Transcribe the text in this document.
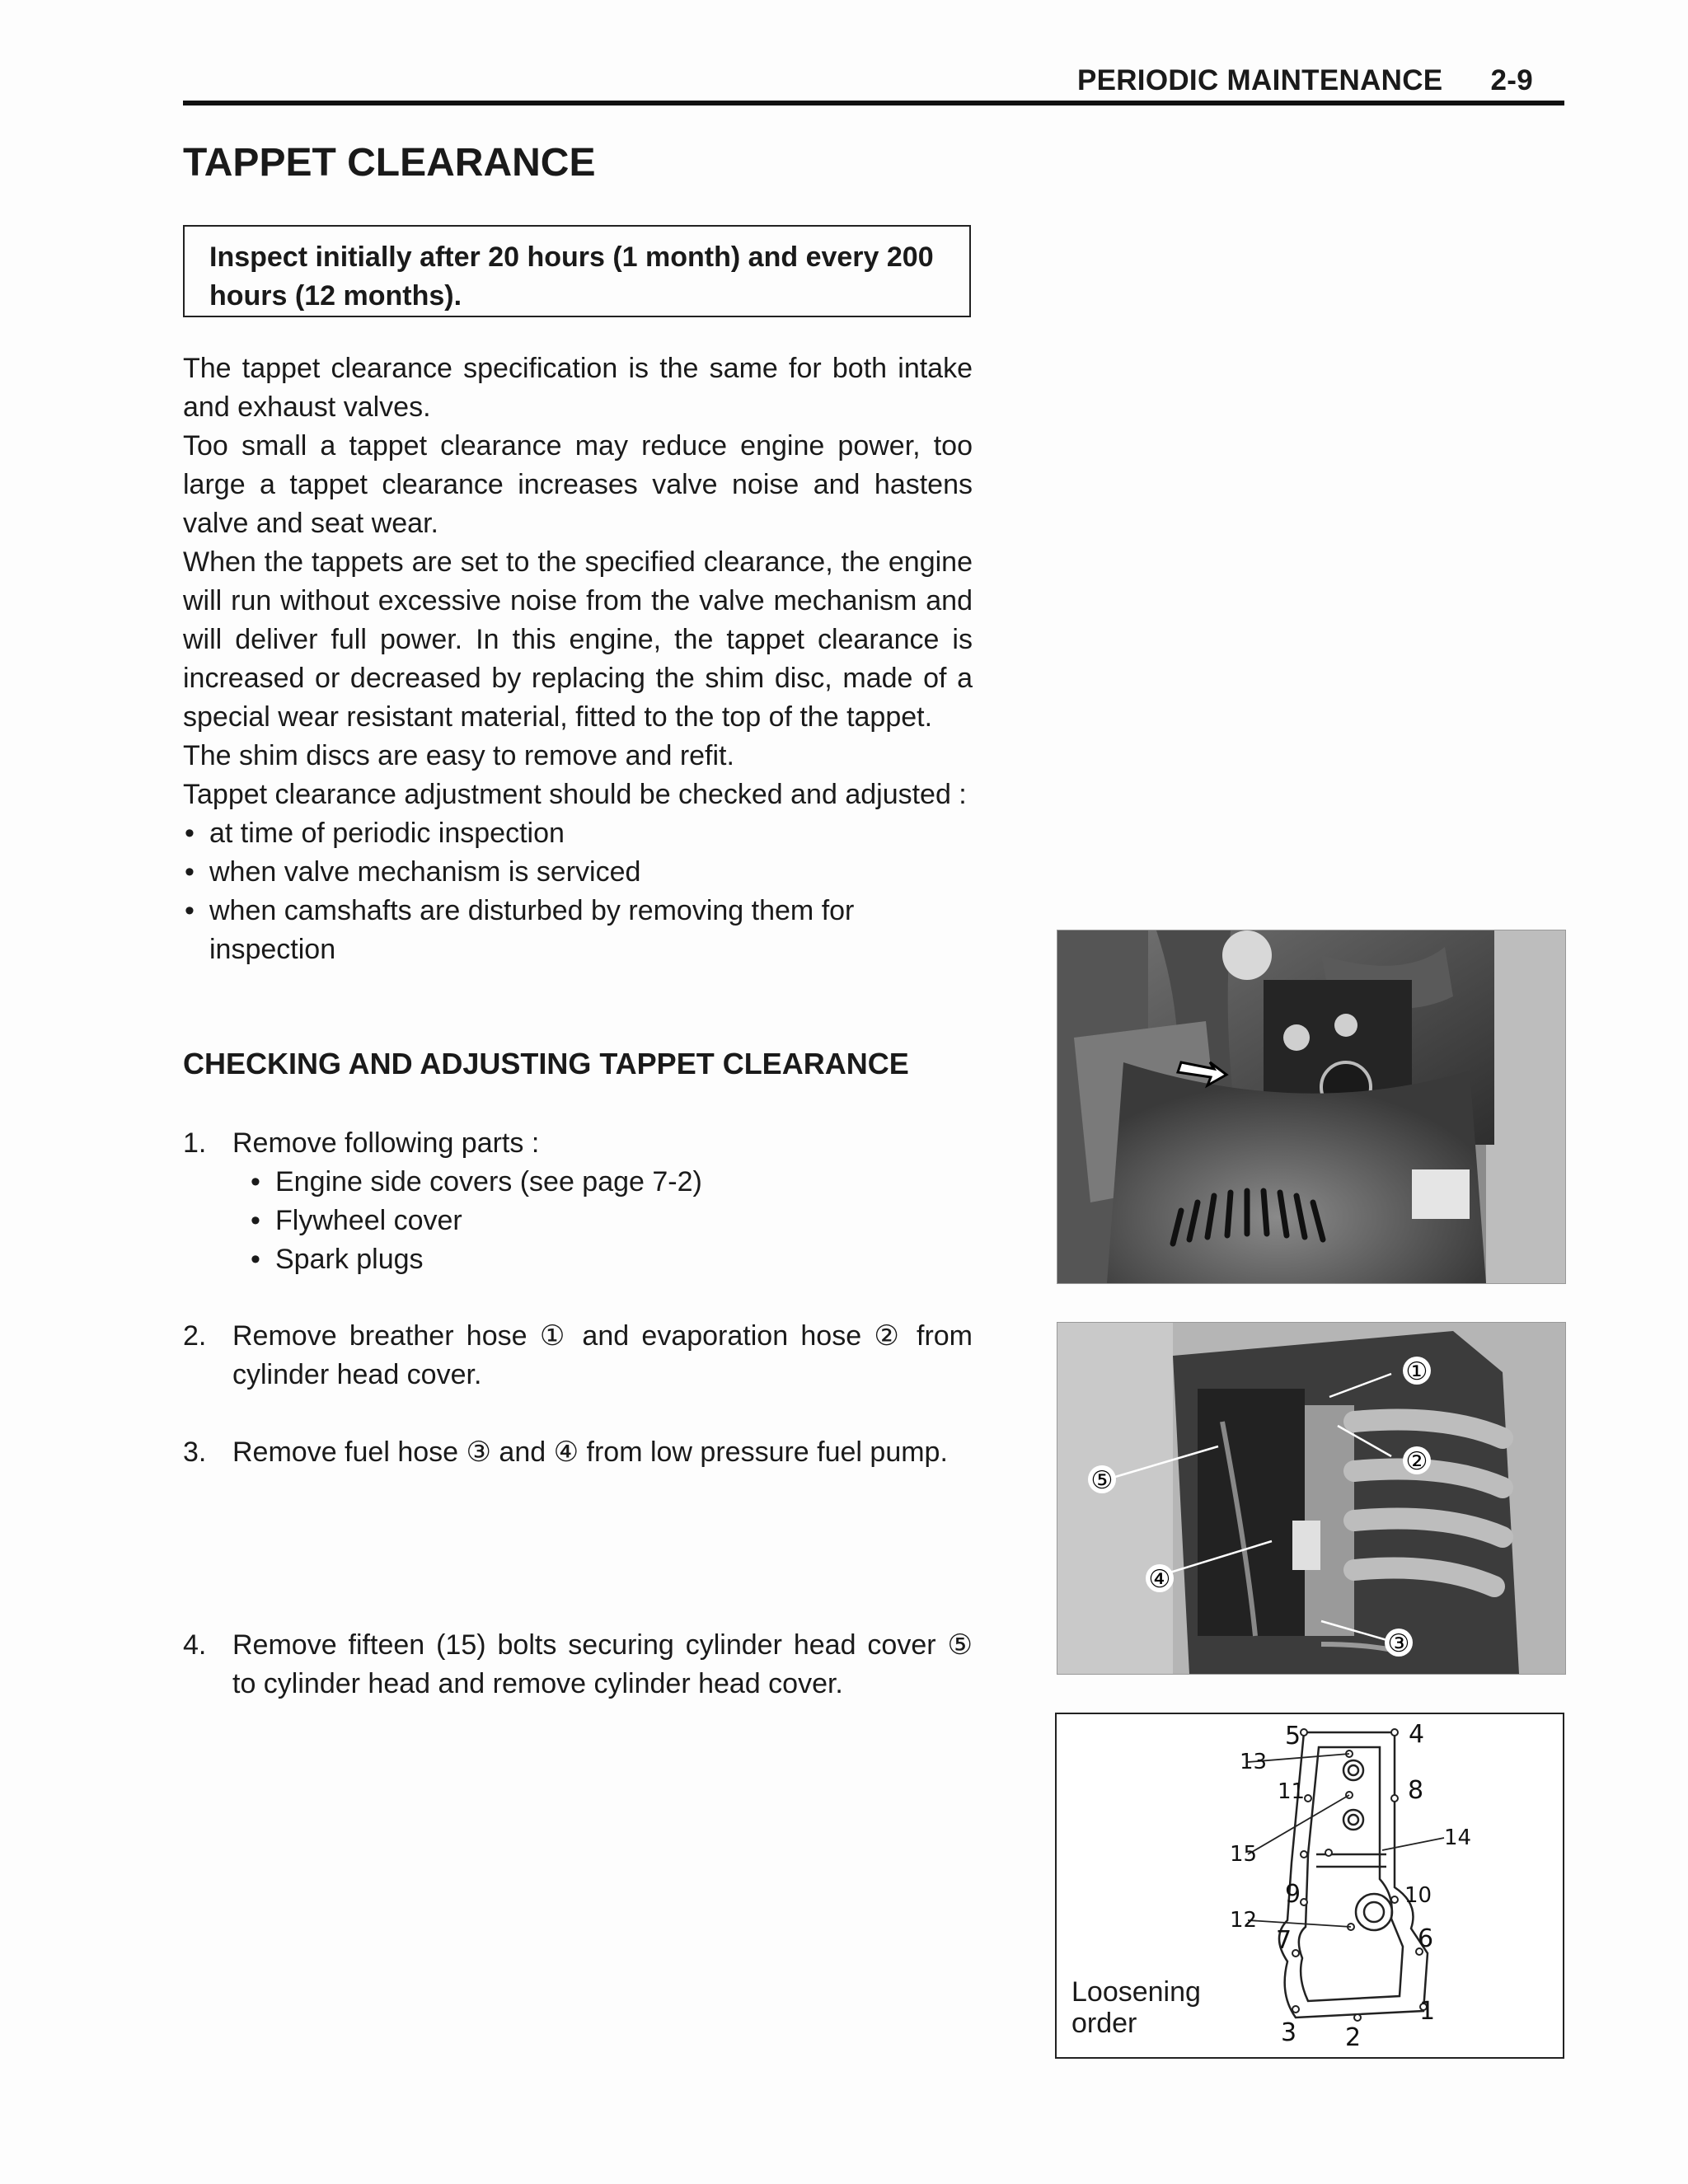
PERIODIC MAINTENANCE 2-9
TAPPET CLEARANCE
Inspect initially after 20 hours (1 month) and every 200 hours (12 months).

The tappet clearance specification is the same for both intake and exhaust valves.

Too small a tappet clearance may reduce engine power, too large a tappet clearance increases valve noise and hastens valve and seat wear.

When the tappets are set to the specified clearance, the engine will run without excessive noise from the valve mechanism and will deliver full power. In this engine, the tappet clearance is increased or decreased by replacing the shim disc, made of a special wear resistant material, fitted to the top of the tappet.

The shim discs are easy to remove and refit.

Tappet clearance adjustment should be checked and adjusted :

• at time of periodic inspection
• when valve mechanism is serviced
• when camshafts are disturbed by removing them for inspection
CHECKING AND ADJUSTING TAPPET CLEARANCE
1. Remove following parts :
• Engine side covers (see page 7-2)
• Flywheel cover
• Spark plugs
2. Remove breather hose ① and evaporation hose ② from cylinder head cover.
3. Remove fuel hose ③ and ④ from low pressure fuel pump.
4. Remove fifteen (15) bolts securing cylinder head cover ⑤ to cylinder head and remove cylinder head cover.
①
②
③
④
⑤
1
2
3
4
5
6
7
8
9	10
11
12
13
14
15
Loosening
order
